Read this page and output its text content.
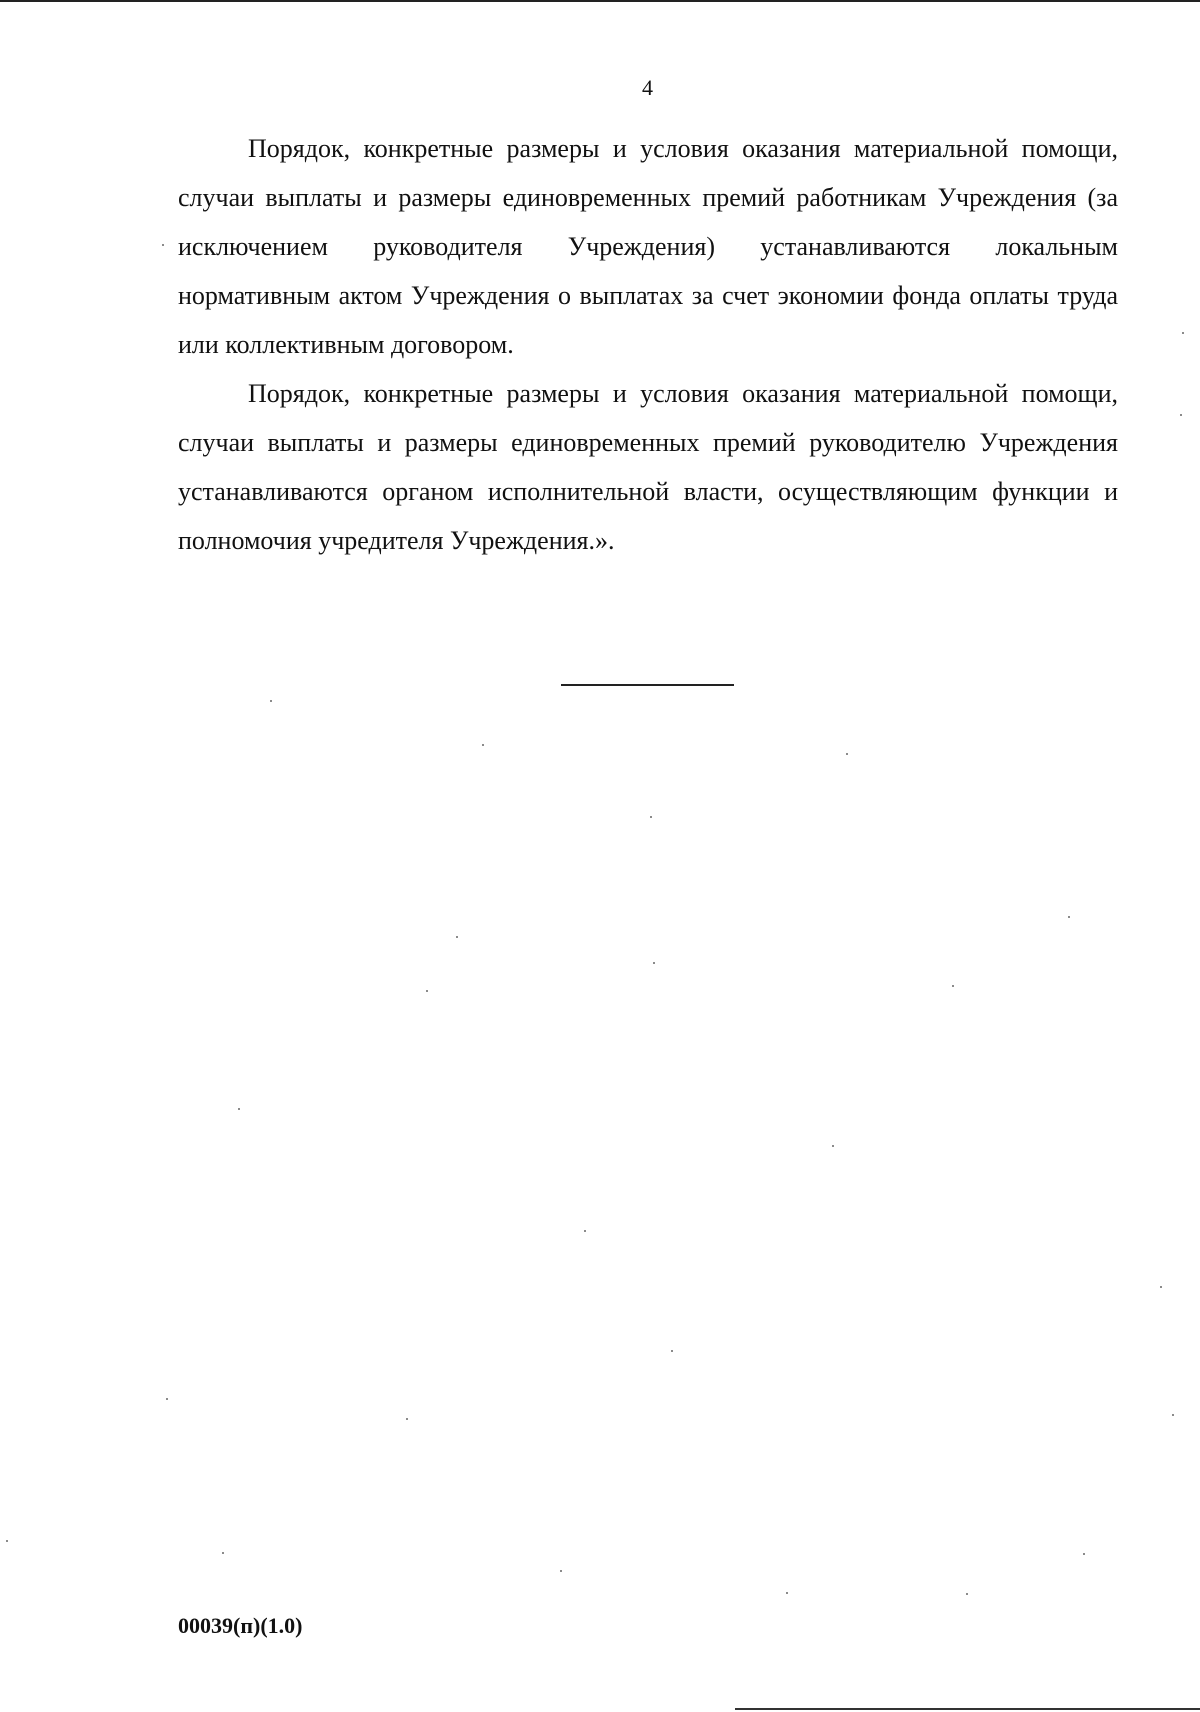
4

Порядок, конкретные размеры и условия оказания материальной помощи, случаи выплаты и размеры единовременных премий работникам Учреждения (за исключением руководителя Учреждения) устанавливаются локальным нормативным актом Учреждения о выплатах за счет экономии фонда оплаты труда или коллективным договором.

Порядок, конкретные размеры и условия оказания материальной помощи, случаи выплаты и размеры единовременных премий руководителю Учреждения устанавливаются органом исполнительной власти, осуществляющим функции и полномочия учредителя Учреждения.».

00039(п)(1.0)
